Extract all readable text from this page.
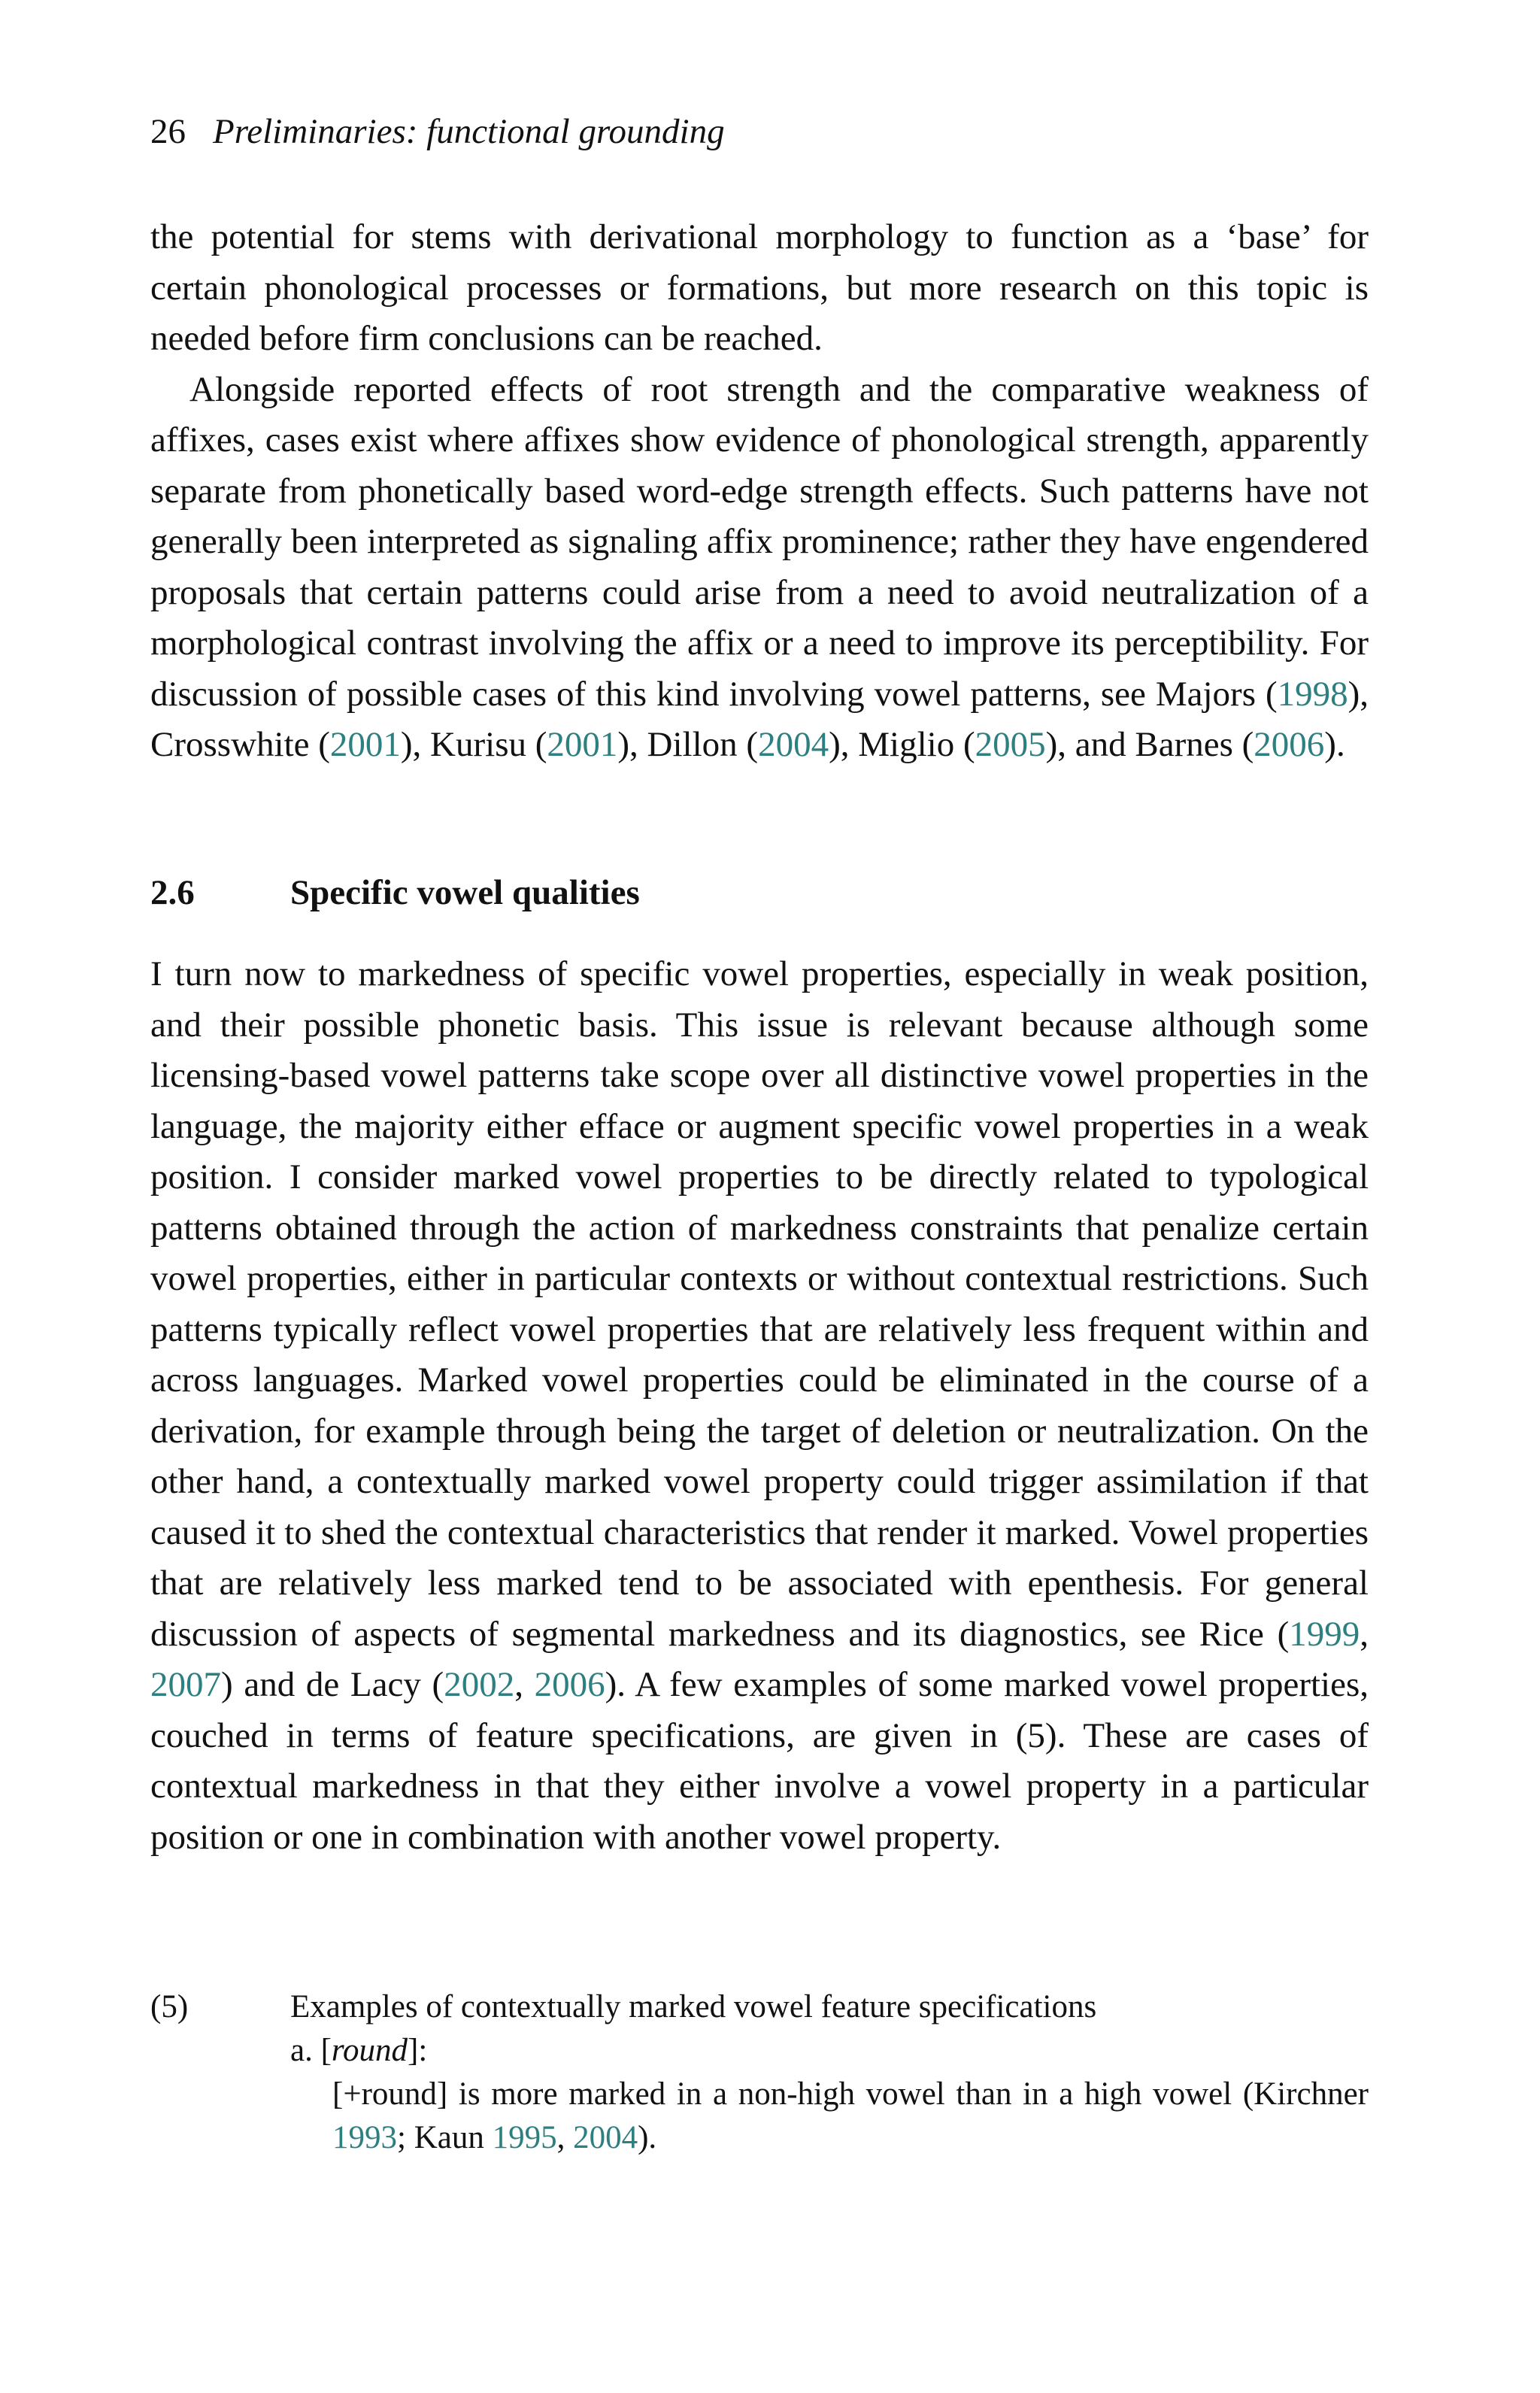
26 Preliminaries: functional grounding

the potential for stems with derivational morphology to function as a ‘base’ for certain phonological processes or formations, but more research on this topic is needed before firm conclusions can be reached.

Alongside reported effects of root strength and the comparative weakness of affixes, cases exist where affixes show evidence of phonological strength, apparently separate from phonetically based word-edge strength effects. Such patterns have not generally been interpreted as signaling affix prominence; rather they have engendered proposals that certain patterns could arise from a need to avoid neutralization of a morphological contrast involving the affix or a need to improve its perceptibility. For discussion of possible cases of this kind involving vowel patterns, see Majors (1998), Crosswhite (2001), Kurisu (2001), Dillon (2004), Miglio (2005), and Barnes (2006).

2.6	Specific vowel qualities

I turn now to markedness of specific vowel properties, especially in weak position, and their possible phonetic basis. This issue is relevant because although some licensing-based vowel patterns take scope over all distinctive vowel properties in the language, the majority either efface or augment specific vowel properties in a weak position. I consider marked vowel properties to be directly related to typological patterns obtained through the action of markedness constraints that penalize certain vowel properties, either in particular contexts or without contextual restrictions. Such patterns typically reflect vowel properties that are relatively less frequent within and across languages. Marked vowel properties could be eliminated in the course of a derivation, for example through being the target of deletion or neutralization. On the other hand, a contextually marked vowel property could trigger assimilation if that caused it to shed the contextual characteristics that render it marked. Vowel properties that are relatively less marked tend to be associated with epenthesis. For general discussion of aspects of segmental markedness and its diagnostics, see Rice (1999, 2007) and de Lacy (2002, 2006). A few examples of some marked vowel properties, couched in terms of feature specifications, are given in (5). These are cases of contextual markedness in that they either involve a vowel property in a particular position or one in combination with another vowel property.

(5)	Examples of contextually marked vowel feature specifications
a. [round]:
[+round] is more marked in a non-high vowel than in a high vowel (Kirchner 1993; Kaun 1995, 2004).
